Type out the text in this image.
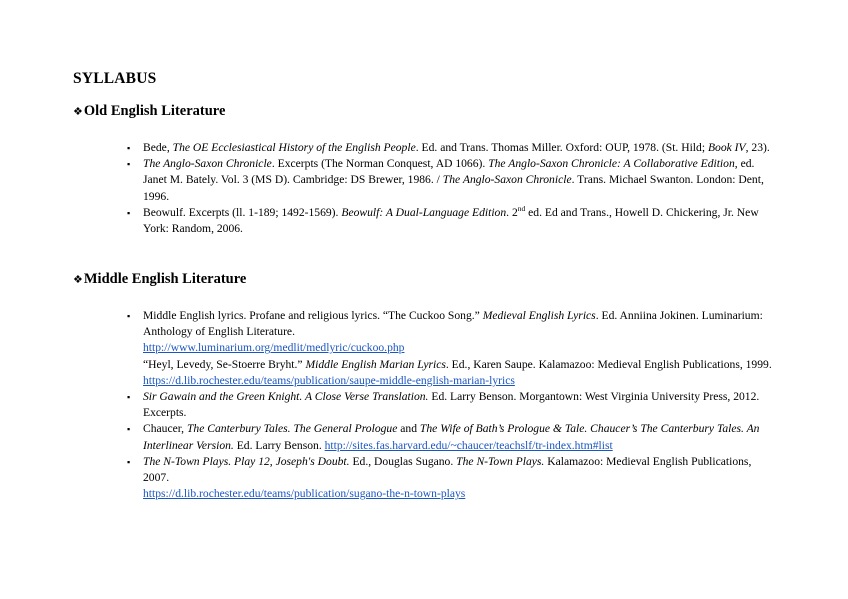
SYLLABUS
❖ Old English Literature
▪ Bede, The OE Ecclesiastical History of the English People. Ed. and Trans. Thomas Miller. Oxford: OUP, 1978. (St. Hild; Book IV, 23).
▪ The Anglo-Saxon Chronicle. Excerpts (The Norman Conquest, AD 1066). The Anglo-Saxon Chronicle: A Collaborative Edition, ed. Janet M. Bately. Vol. 3 (MS D). Cambridge: DS Brewer, 1986. / The Anglo-Saxon Chronicle. Trans. Michael Swanton. London: Dent, 1996.
▪ Beowulf. Excerpts (ll. 1-189; 1492-1569). Beowulf: A Dual-Language Edition. 2nd ed. Ed and Trans., Howell D. Chickering, Jr. New York: Random, 2006.
❖ Middle English Literature
▪ Middle English lyrics. Profane and religious lyrics. “The Cuckoo Song.” Medieval English Lyrics. Ed. Anniina Jokinen. Luminarium: Anthology of English Literature.
http://www.luminarium.org/medlit/medlyric/cuckoo.php
“Heyl, Levedy, Se-Stoerre Bryht.” Middle English Marian Lyrics. Ed., Karen Saupe. Kalamazoo: Medieval English Publications, 1999.
https://d.lib.rochester.edu/teams/publication/saupe-middle-english-marian-lyrics
▪ Sir Gawain and the Green Knight. A Close Verse Translation. Ed. Larry Benson. Morgantown: West Virginia University Press, 2012. Excerpts.
▪ Chaucer, The Canterbury Tales. The General Prologue and The Wife of Bath’s Prologue & Tale. Chaucer’s The Canterbury Tales. An Interlinear Version. Ed. Larry Benson. http://sites.fas.harvard.edu/~chaucer/teachslf/tr-index.htm#list
▪ The N-Town Plays. Play 12, Joseph's Doubt. Ed., Douglas Sugano. The N-Town Plays. Kalamazoo: Medieval English Publications, 2007.
https://d.lib.rochester.edu/teams/publication/sugano-the-n-town-plays
